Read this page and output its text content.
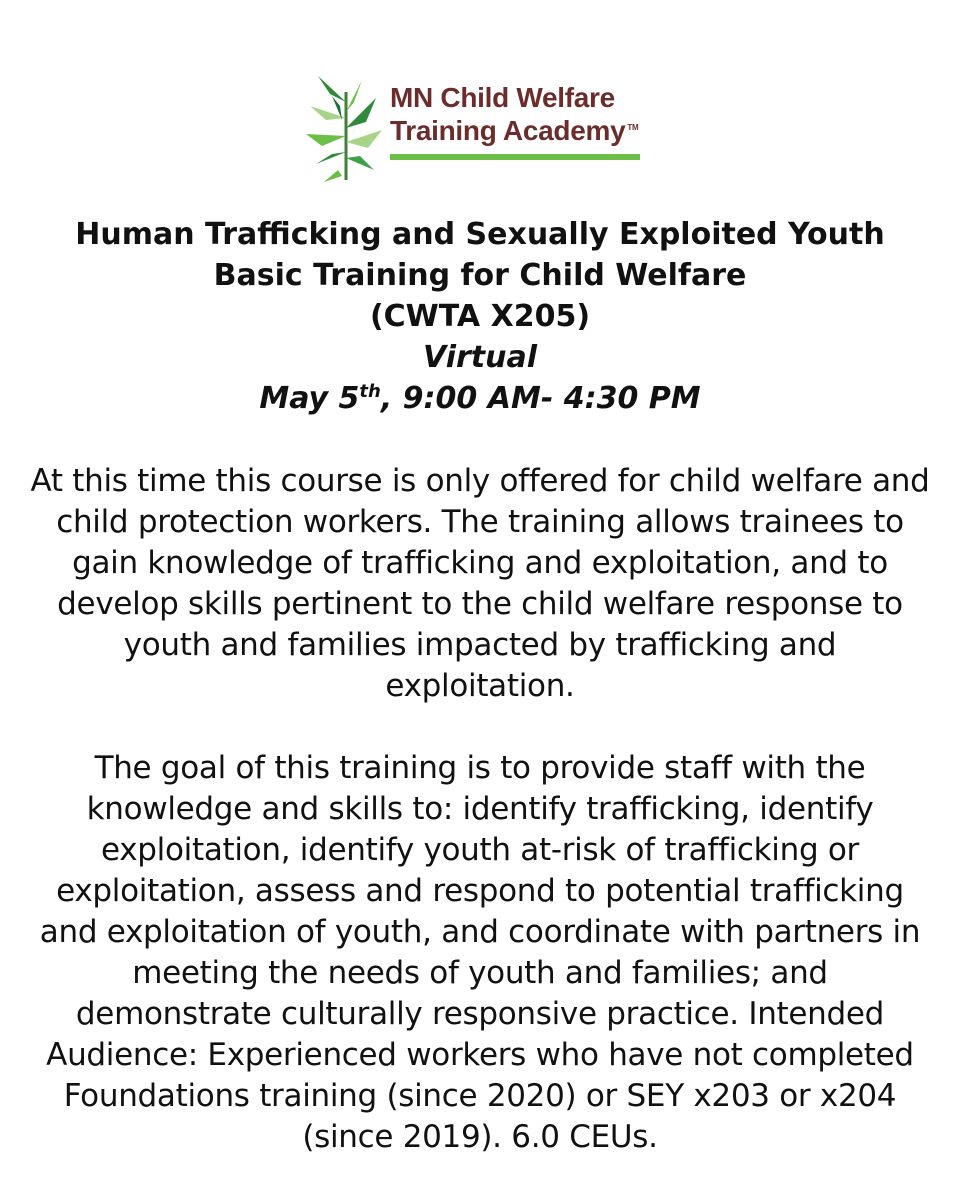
MN Child Welfare
Training Academy ™
Human Trafficking and Sexually Exploited Youth
Basic Training for Child Welfare
(CWTA X205)
Virtual
May 5th, 9:00 AM- 4:30 PM

At this time this course is only offered for child welfare and child protection workers. The training allows trainees to gain knowledge of trafficking and exploitation, and to develop skills pertinent to the child welfare response to youth and families impacted by trafficking and exploitation.

The goal of this training is to provide staff with the knowledge and skills to: identify trafficking, identify exploitation, identify youth at-risk of trafficking or exploitation, assess and respond to potential trafficking and exploitation of youth, and coordinate with partners in meeting the needs of youth and families; and demonstrate culturally responsive practice. Intended Audience: Experienced workers who have not completed Foundations training (since 2020) or SEY x203 or x204 (since 2019). 6.0 CEUs.
